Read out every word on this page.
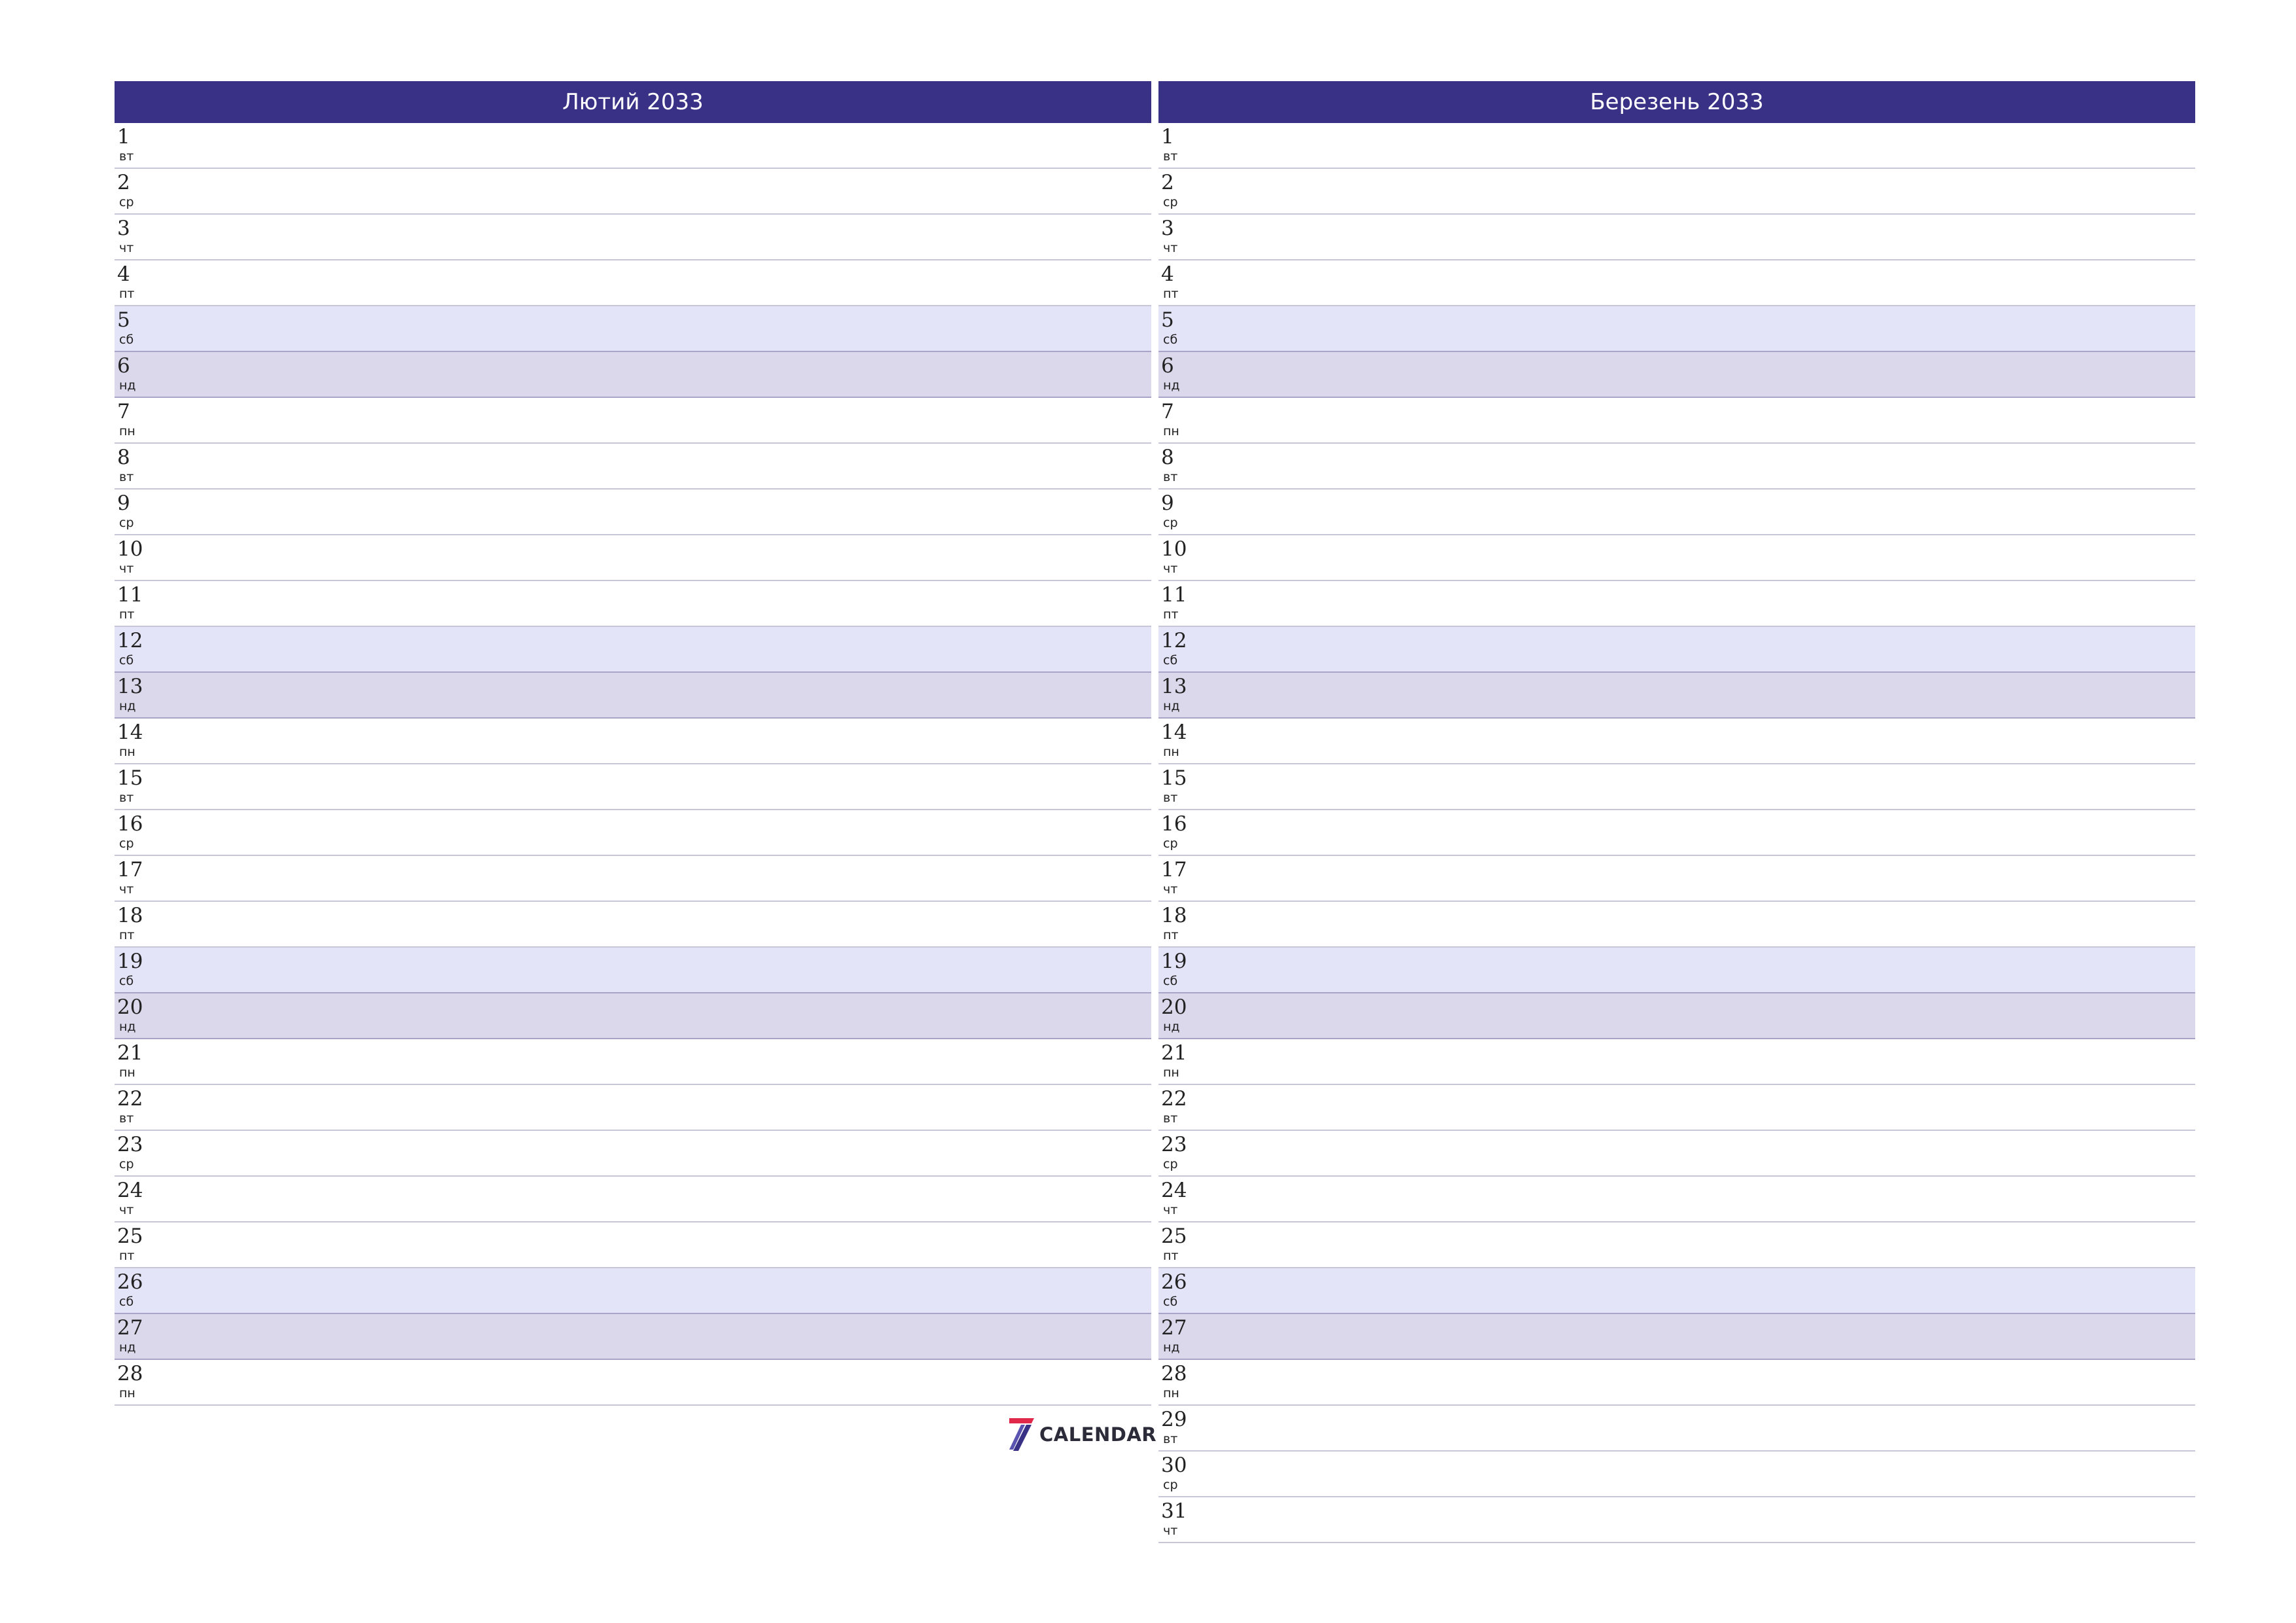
Лютий 2033
1
вт
2
ср
3
чт
4
пт
5
сб
6
нд
7
пн
8
вт
9
ср
10
чт
11
пт
12
сб
13
нд
14
пн
15
вт
16
ср
17
чт
18
пт
19
сб
20
нд
21
пн
22
вт
23
ср
24
чт
25
пт
26
сб
27
нд
28
пн
Березень 2033
1
вт
2
ср
3
чт
4
пт
5
сб
6
нд
7
пн
8
вт
9
ср
10
чт
11
пт
12
сб
13
нд
14
пн
15
вт
16
ср
17
чт
18
пт
19
сб
20
нд
21
пн
22
вт
23
ср
24
чт
25
пт
26
сб
27
нд
28
пн
29
вт
30
ср
31
чт
CALENDAR
